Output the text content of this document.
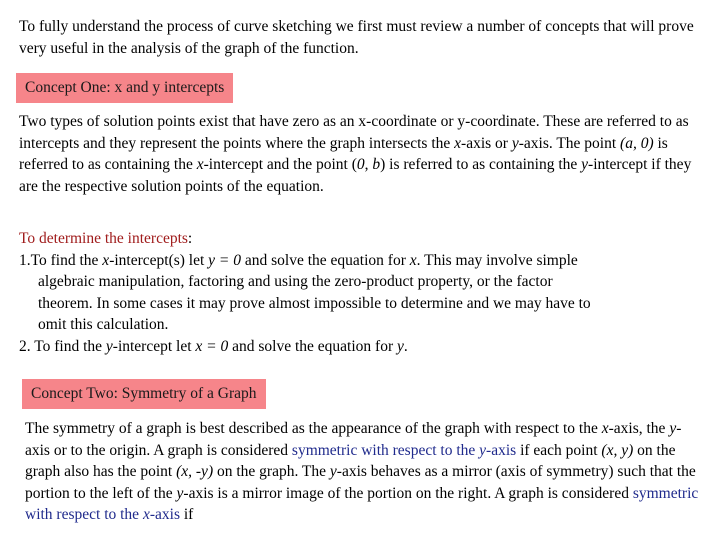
To fully understand the process of curve sketching we first must review a number of concepts that will prove very useful in the analysis of the graph of the function.
Concept One: x and y intercepts
Two types of solution points exist that have zero as an x-coordinate or y-coordinate. These are referred to as intercepts and they represent the points where the graph intersects the x-axis or y-axis. The point (a, 0) is referred to as containing the x-intercept and the point (0, b) is referred to as containing the y-intercept if they are the respective solution points of the equation.
To determine the intercepts:
1.To find the x-intercept(s) let y = 0 and solve the equation for x. This may involve simple
algebraic manipulation, factoring and using the zero-product property, or the factor
theorem. In some cases it may prove almost impossible to determine and we may have to
omit this calculation.
2. To find the y-intercept let x = 0 and solve the equation for y.
Concept Two: Symmetry of a Graph
The symmetry of a graph is best described as the appearance of the graph with respect to the x-axis, the y-axis or to the origin. A graph is considered symmetric with respect to the y-axis if each point (x, y) on the graph also has the point (x, -y) on the graph. The y-axis behaves as a mirror (axis of symmetry) such that the portion to the left of the y-axis is a mirror image of the portion on the right. A graph is considered symmetric with respect to the x-axis if
